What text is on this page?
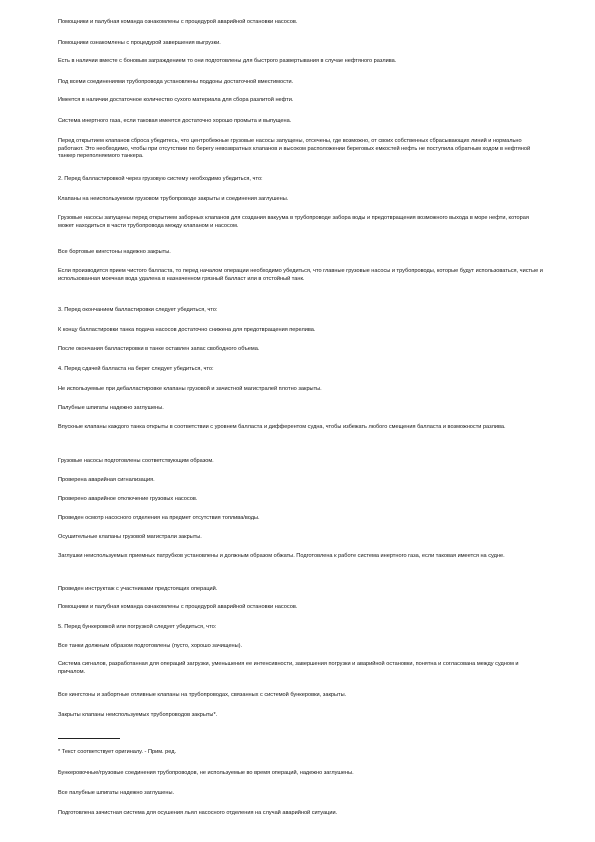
Помощники и палубная команда ознакомлены с процедурой аварийной остановки насосов.

Помощники ознакомлены с процедурой завершения выгрузки.

Есть в наличии вместе с боновым заграждением то они подготовлены для быстрого развертывания в случае нефтяного разлива.

Под всеми соединениями трубопровода установлены поддоны достаточной вместимости.

Имеется в наличии достаточное количество сухого материала для сбора разлитой нефти.

Система инертного газа, если таковая имеется достаточно хорошо промыта и выпущена.

Перед открытием клапанов сброса убедитесь, что центробежные грузовые насосы запущены, отсечены, где возможно, от своих собственных сбрасывающих линий и нормально работают. Это необходимо, чтобы при отсутствии по берегу невозвратных клапанов и высоком расположении береговых емкостей нефть не поступила обратным ходом в нефтяной танкер переполняемого танкера.

2. Перед балластировкой через грузовую систему необходимо убедиться, что:

Клапаны на неиспользуемом грузовом трубопроводе закрыты и соединения заглушены.

Грузовые насосы запущены перед открытием заборных клапанов для создания вакуума в трубопроводе забора воды и предотвращения возможного выхода в море нефти, которая может находиться в части трубопровода между клапаном и насосом.

Все бортовые кингстоны надежно закрыты.

Если производится прием чистого балласта, то перед началом операции необходимо убедиться, что главные грузовые насосы и трубопроводы, которые будут использоваться, чистые и использованная моечная вода удалена в назначенном грязный балласт или в отстойный танк.

3. Перед окончанием балластировки следует убедиться, что:

К концу балластировки танка подача насосов достаточно снижена для предотвращения перелива.

После окончания балластировки в танке оставлен запас свободного объема.

4. Перед сдачей балласта на берег следует убедиться, что:

Не используемые при дебалластировке клапаны грузовой и зачистной магистралей плотно закрыты.

Палубные шпигаты надежно заглушены.

Впускные клапаны каждого танка открыты в соответствии с уровнем балласта и дифферентом судна, чтобы избежать любого смещения балласта и возможности разлива.

Грузовые насосы подготовлены соответствующим образом.

Проверена аварийная сигнализация.

Проверено аварийное отключение грузовых насосов.

Проведен осмотр насосного отделения на предмет отсутствия топлива/воды.

Осушительные клапаны грузовой магистрали закрыты.

Заглушки неиспользуемых приемных патрубков установлены и должным образом обжаты. Подготовлена к работе система инертного газа, если таковая имеется на судне.

Проведен инструктаж с участниками предстоящих операций.

Помощники и палубная команда ознакомлены с процедурой аварийной остановки насосов.

5. Перед бункеровкой или погрузкой следует убедиться, что:

Все танки должным образом подготовлены (пусто, хорошо зачищены).

Система сигналов, разработанная для операций загрузки, уменьшения ее интенсивности, завершения погрузки и аварийной остановки, понятна и согласована между судном и причалом.

Все кингстоны и забортные отливные клапаны на трубопроводах, связанных с системой бункеровки, закрыты.

Закрыты клапаны неиспользуемых трубопроводов закрыты*.

* Текст соответствует оригиналу. - Прим. ред.

Бункеровочные/грузовые соединения трубопроводов, не используемые во время операций, надежно заглушены.

Все палубные шпигаты надежно заглушены.

Подготовлена зачистная система для осушения льял насосного отделения на случай аварийной ситуации.
